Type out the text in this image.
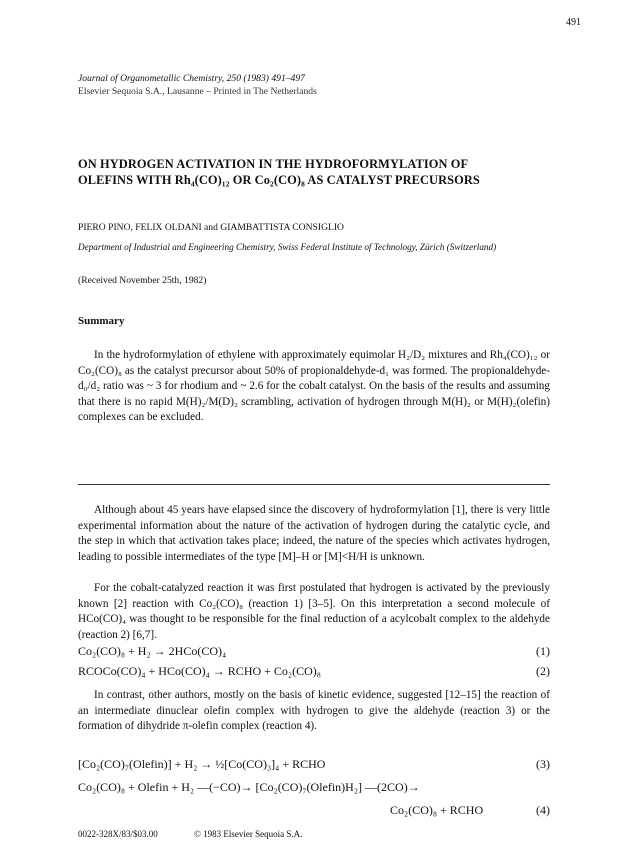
491
Journal of Organometallic Chemistry, 250 (1983) 491–497
Elsevier Sequoia S.A., Lausanne – Printed in The Netherlands
ON HYDROGEN ACTIVATION IN THE HYDROFORMYLATION OF
OLEFINS WITH Rh₄(CO)₁₂ OR Co₂(CO)₈ AS CATALYST PRECURSORS
PIERO PINO, FELIX OLDANI and GIAMBATTISTA CONSIGLIO
Department of Industrial and Engineering Chemistry, Swiss Federal Institute of Technology, Zürich (Switzerland)
(Received November 25th, 1982)
Summary
In the hydroformylation of ethylene with approximately equimolar H₂/D₂ mixtures and Rh₄(CO)₁₂ or Co₂(CO)₈ as the catalyst precursor about 50% of propionaldehyde-d₁ was formed. The propionaldehyde-d₀/d₂ ratio was ~ 3 for rhodium and ~ 2.6 for the cobalt catalyst. On the basis of the results and assuming that there is no rapid M(H)₂/M(D)₂ scrambling, activation of hydrogen through M(H)₂ or M(H)₂(olefin) complexes can be excluded.
Although about 45 years have elapsed since the discovery of hydroformylation [1], there is very little experimental information about the nature of the activation of hydrogen during the catalytic cycle, and the step in which that activation takes place; indeed, the nature of the species which activates hydrogen, leading to possible intermediates of the type [M]–H or [M]<H/H is unknown.
For the cobalt-catalyzed reaction it was first postulated that hydrogen is activated by the previously known [2] reaction with Co₂(CO)₈ (reaction 1) [3–5]. On this interpretation a second molecule of HCo(CO)₄ was thought to be responsible for the final reduction of a acylcobalt complex to the aldehyde (reaction 2) [6,7].
Co₂(CO)₈ + H₂ → 2HCo(CO)₄	(1)
RCOCo(CO)₄ + HCo(CO)₄ → RCHO + Co₂(CO)₈	(2)
In contrast, other authors, mostly on the basis of kinetic evidence, suggested [12–15] the reaction of an intermediate dinuclear olefin complex with hydrogen to give the aldehyde (reaction 3) or the formation of dihydride π-olefin complex (reaction 4).
[Co₂(CO)₇(Olefin)] + H₂ → ½[Co(CO)₃]₄ + RCHO	(3)
Co₂(CO)₈ + Olefin + H₂ —(−CO)→ [Co₂(CO)₇(Olefin)H₂] —(2CO)→
Co₂(CO)₈ + RCHO	(4)
0022-328X/83/$03.00	© 1983 Elsevier Sequoia S.A.
